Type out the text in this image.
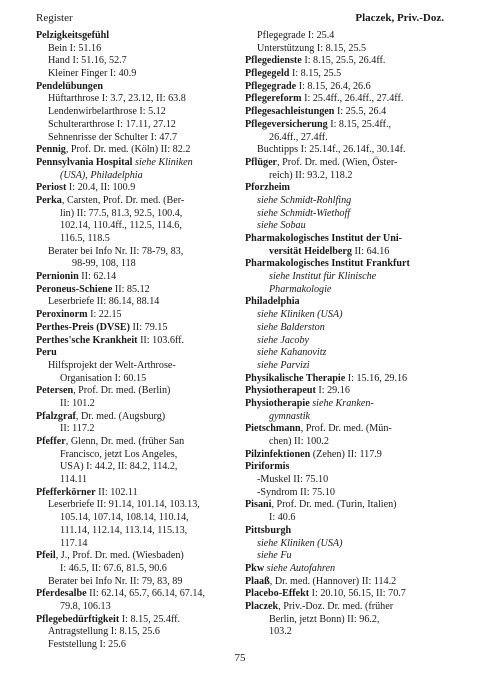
Register	Placzek, Priv.-Doz.
Pelzigkeitsgefühl
Bein I: 51.16
Hand I: 51.16, 52.7
Kleiner Finger I: 40.9
Pendelübungen
Hüftarthrose I: 3.7, 23.12, II: 63.8
Lendenwirbelarthrose I: 5.12
Schulterarthrose I: 17.11, 27.12
Sehnenrisse der Schulter I: 47.7
Pennig, Prof. Dr. med. (Köln) II: 82.2
Pennsylvania Hospital siehe Kliniken
(USA), Philadelphia
Periost I: 20.4, II: 100.9
Perka, Carsten, Prof. Dr. med. (Ber-
lin) II: 77.5, 81.3, 92.5, 100.4,
102.14, 110.4ff., 112.5, 114.6,
116.5, 118.5
Berater bei Info Nr. II: 78-79, 83,
98-99, 108, 118
Pernionin II: 62.14
Peroneus-Schiene II: 85.12
Leserbriefe II: 86.14, 88.14
Peroxinorm I: 22.15
Perthes-Preis (DVSE) II: 79.15
Perthes'sche Krankheit II: 103.6ff.
Peru
Hilfsprojekt der Welt-Arthrose-
Organisation I: 60.15
Petersen, Prof. Dr. med. (Berlin)
II: 101.2
Pfalzgraf, Dr. med. (Augsburg)
II: 117.2
Pfeffer, Glenn, Dr. med. (früher San
Francisco, jetzt Los Angeles,
USA) I: 44.2, II: 84.2, 114.2,
114.11
Pfefferkörner II: 102.11
Leserbriefe II: 91.14, 101.14, 103.13,
105.14, 107.14, 108.14, 110.14,
111.14, 112.14, 113.14, 115.13,
117.14
Pfeil, J., Prof. Dr. med. (Wiesbaden)
I: 46.5, II: 67.6, 81.5, 90.6
Berater bei Info Nr. II: 79, 83, 89
Pferdesalbe II: 62.14, 65.7, 66.14, 67.14,
79.8, 106.13
Pflegebedürftigkeit I: 8.15, 25.4ff.
Antragstellung I: 8.15, 25.6
Feststellung I: 25.6
Pflegegrade I: 25.4
Unterstützung I: 8.15, 25.5
Pflegedienste I: 8.15, 25.5, 26.4ff.
Pflegegeld I: 8.15, 25.5
Pflegegrade I: 8.15, 26.4, 26.6
Pflegereform I: 25.4ff., 26.4ff., 27.4ff.
Pflegesachleistungen I: 25.5, 26.4
Pflegeversicherung I: 8.15, 25.4ff.,
26.4ff., 27.4ff.
Buchtipps I: 25.14f., 26.14f., 30.14f.
Pflüger, Prof. Dr. med. (Wien, Öster-
reich) II: 93.2, 118.2
Pforzheim
siehe Schmidt-Rohlfing
siehe Schmidt-Wiethoff
siehe Sobau
Pharmakologisches Institut der Uni-
versität Heidelberg II: 64.16
Pharmakologisches Institut Frankfurt
siehe Institut für Klinische
Pharmakologie
Philadelphia
siehe Kliniken (USA)
siehe Balderston
siehe Jacoby
siehe Kahanovitz
siehe Parvizi
Physikalische Therapie I: 15.16, 29.16
Physiotherapeut I: 29.16
Physiotherapie siehe Kranken-
gymnastik
Pietschmann, Prof. Dr. med. (Mün-
chen) II: 100.2
Pilzinfektionen (Zehen) II: 117.9
Piriformis
-Muskel II: 75.10
-Syndrom II: 75.10
Pisani, Prof. Dr. med. (Turin, Italien)
I: 40.6
Pittsburgh
siehe Kliniken (USA)
siehe Fu
Pkw siehe Autofahren
Plaaß, Dr. med. (Hannover) II: 114.2
Placebo-Effekt I: 20.10, 56.15, II: 70.7
Placzek, Priv.-Doz. Dr. med. (früher
Berlin, jetzt Bonn) II: 96.2,
103.2
75
